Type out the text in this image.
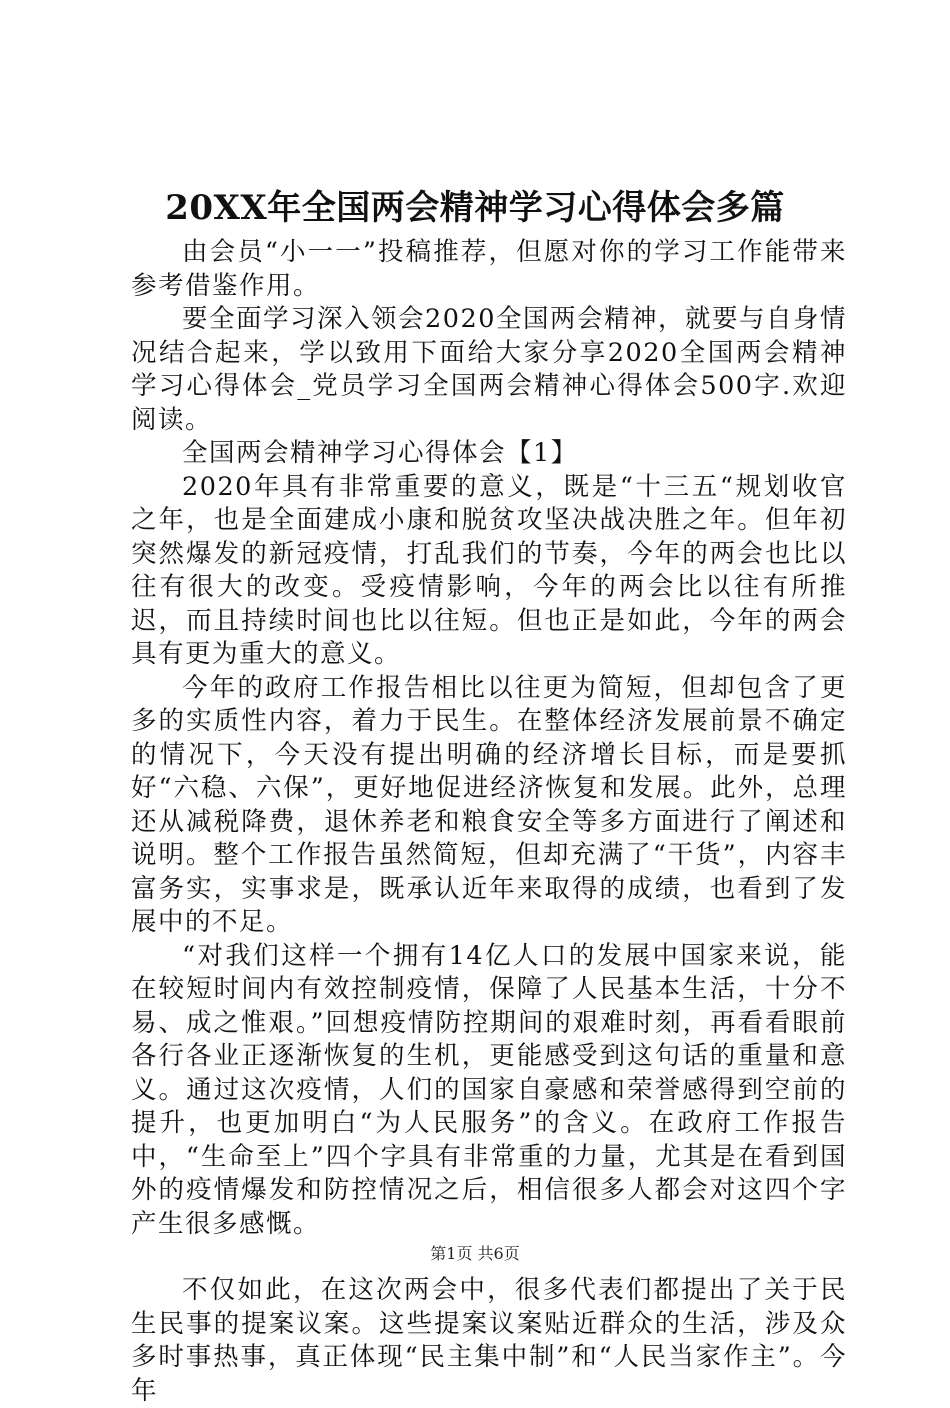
20XX年全国两会精神学习心得体会多篇

由会员“小一一”投稿推荐，但愿对你的学习工作能带来参考借鉴作用。

要全面学习深入领会2020全国两会精神，就要与自身情况结合起来，学以致用下面给大家分享2020全国两会精神学习心得体会_党员学习全国两会精神心得体会500字.欢迎阅读。

全国两会精神学习心得体会【1】

2020年具有非常重要的意义，既是“十三五“规划收官之年，也是全面建成小康和脱贫攻坚决战决胜之年。但年初突然爆发的新冠疫情，打乱我们的节奏，今年的两会也比以往有很大的改变。受疫情影响，今年的两会比以往有所推迟，而且持续时间也比以往短。但也正是如此，今年的两会具有更为重大的意义。

今年的政府工作报告相比以往更为简短，但却包含了更多的实质性内容，着力于民生。在整体经济发展前景不确定的情况下，今天没有提出明确的经济增长目标，而是要抓好“六稳、六保”，更好地促进经济恢复和发展。此外，总理还从减税降费，退休养老和粮食安全等多方面进行了阐述和说明。整个工作报告虽然简短，但却充满了“干货”，内容丰富务实，实事求是，既承认近年来取得的成绩，也看到了发展中的不足。

“对我们这样一个拥有14亿人口的发展中国家来说，能在较短时间内有效控制疫情，保障了人民基本生活，十分不易、成之惟艰。”回想疫情防控期间的艰难时刻，再看看眼前各行各业正逐渐恢复的生机，更能感受到这句话的重量和意义。通过这次疫情，人们的国家自豪感和荣誉感得到空前的提升，也更加明白“为人民服务”的含义。在政府工作报告中，“生命至上”四个字具有非常重的力量，尤其是在看到国外的疫情爆发和防控情况之后，相信很多人都会对这四个字产生很多感慨。

不仅如此，在这次两会中，很多代表们都提出了关于民生民事的提案议案。这些提案议案贴近群众的生活，涉及众多时事热事，真正体现“民主集中制”和“人民当家作主”。今年

第1页 共6页
